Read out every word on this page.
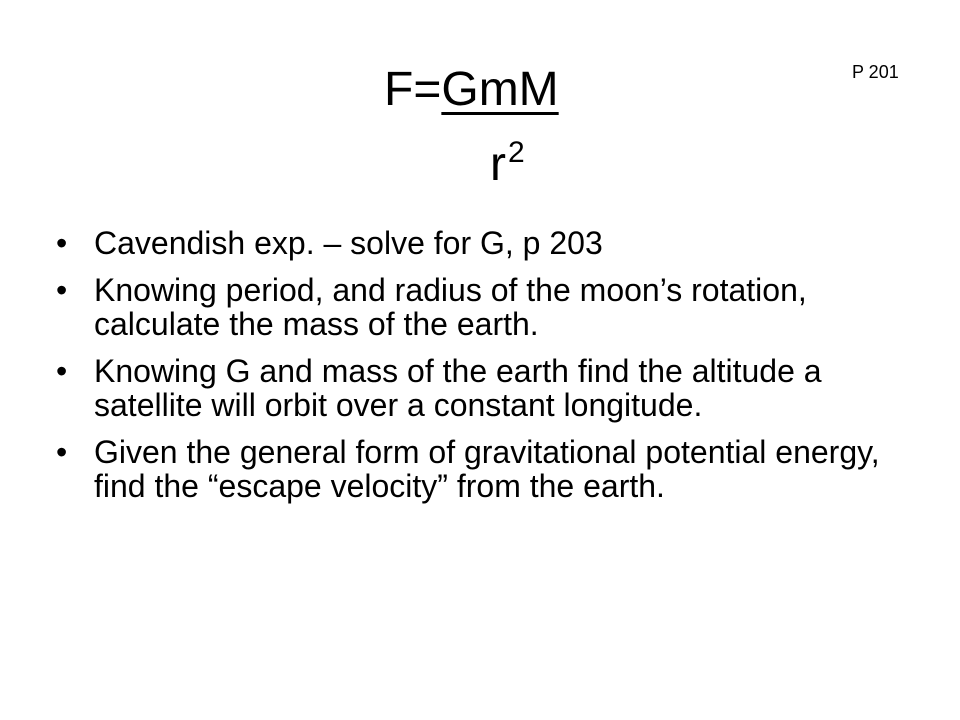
P 201
F=GmM
$r^2$
• Cavendish exp. – solve for G, p 203
• Knowing period, and radius of the moon’s rotation, calculate the mass of the earth.
• Knowing G and mass of the earth find the altitude a satellite will orbit over a constant longitude.
• Given the general form of gravitational potential energy, find the “escape velocity” from the earth.
